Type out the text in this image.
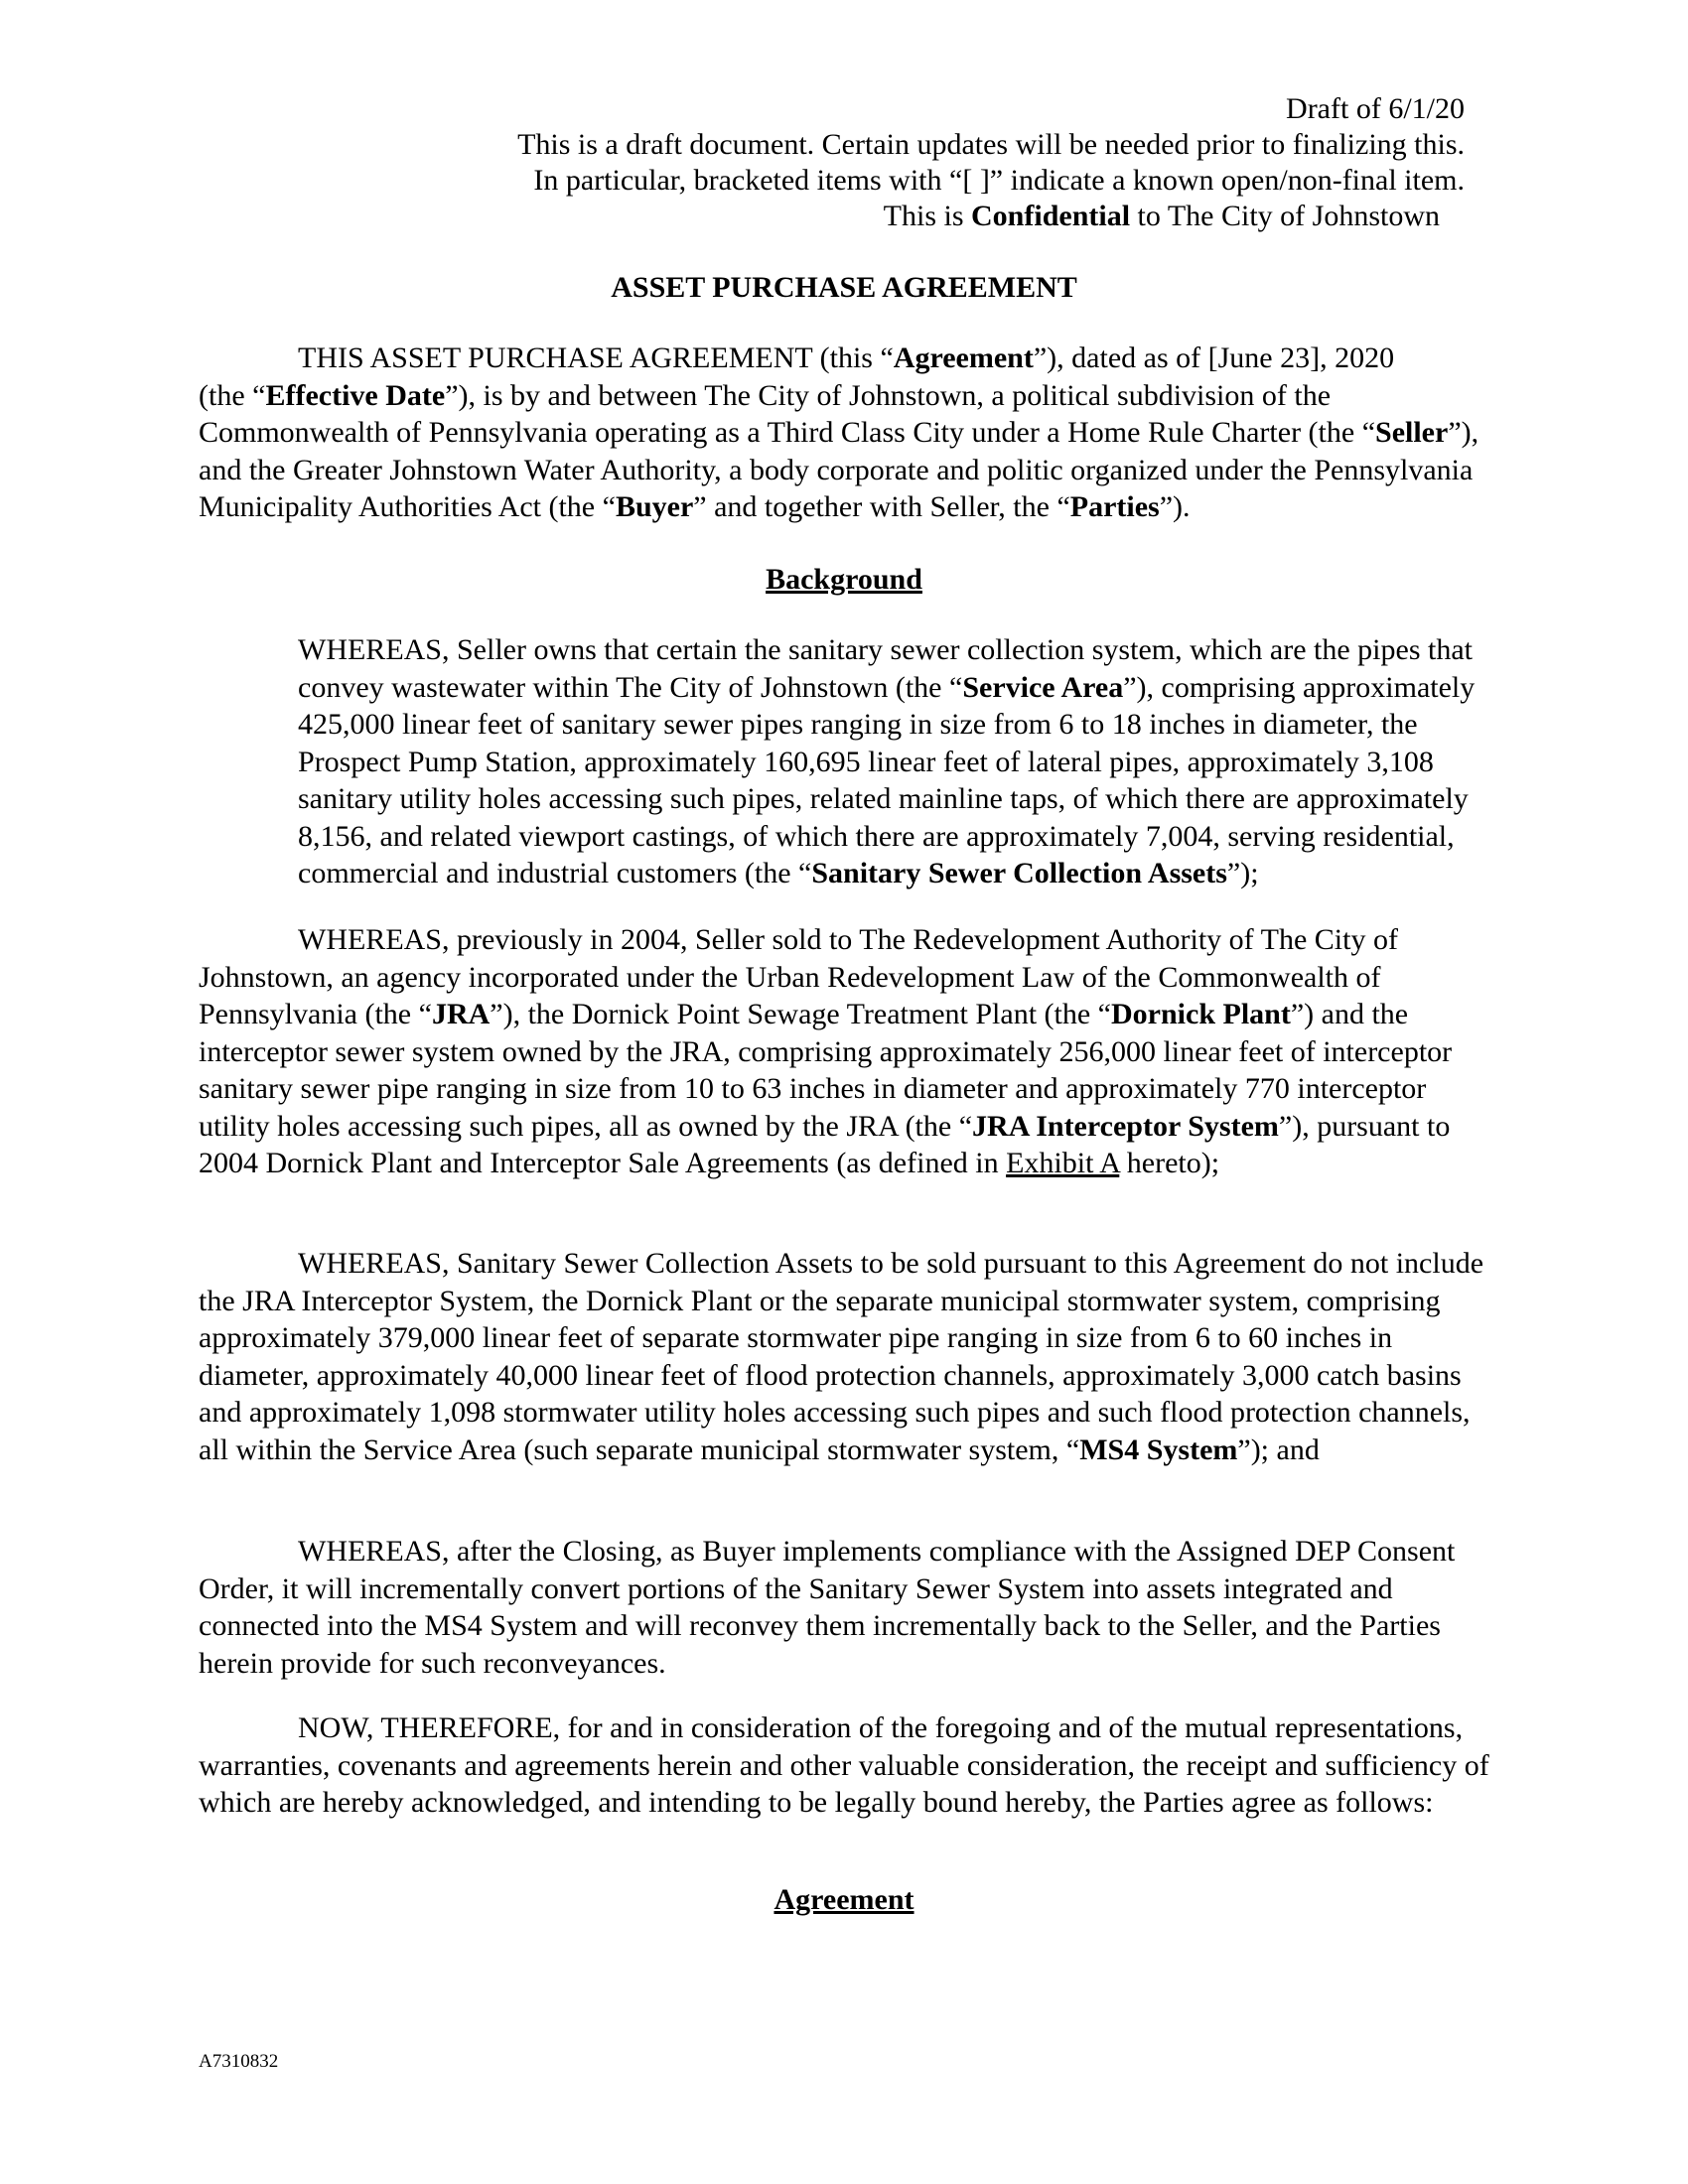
Draft of 6/1/20
This is a draft document. Certain updates will be needed prior to finalizing this.
In particular, bracketed items with “[ ]” indicate a known open/non-final item.
This is Confidential to The City of Johnstown
ASSET PURCHASE AGREEMENT
THIS ASSET PURCHASE AGREEMENT (this “Agreement”), dated as of [June 23], 2020
(the “Effective Date”), is by and between The City of Johnstown, a political subdivision of the Commonwealth of Pennsylvania operating as a Third Class City under a Home Rule Charter (the “Seller”), and the Greater Johnstown Water Authority, a body corporate and politic organized under the Pennsylvania Municipality Authorities Act (the “Buyer” and together with Seller, the “Parties”).
Background
WHEREAS, Seller owns that certain the sanitary sewer collection system, which are the pipes that convey wastewater within The City of Johnstown (the “Service Area”), comprising approximately 425,000 linear feet of sanitary sewer pipes ranging in size from 6 to 18 inches in diameter, the Prospect Pump Station, approximately 160,695 linear feet of lateral pipes, approximately 3,108 sanitary utility holes accessing such pipes, related mainline taps, of which there are approximately 8,156, and related viewport castings, of which there are approximately 7,004, serving residential, commercial and industrial customers (the “Sanitary Sewer Collection Assets”);
WHEREAS, previously in 2004, Seller sold to The Redevelopment Authority of The City of Johnstown, an agency incorporated under the Urban Redevelopment Law of the Commonwealth of Pennsylvania (the “JRA”), the Dornick Point Sewage Treatment Plant (the “Dornick Plant”) and the interceptor sewer system owned by the JRA, comprising approximately 256,000 linear feet of interceptor sanitary sewer pipe ranging in size from 10 to 63 inches in diameter and approximately 770 interceptor utility holes accessing such pipes, all as owned by the JRA (the “JRA Interceptor System”), pursuant to 2004 Dornick Plant and Interceptor Sale Agreements (as defined in Exhibit A hereto);
WHEREAS, Sanitary Sewer Collection Assets to be sold pursuant to this Agreement do not include the JRA Interceptor System, the Dornick Plant or the separate municipal stormwater system, comprising approximately 379,000 linear feet of separate stormwater pipe ranging in size from 6 to 60 inches in diameter, approximately 40,000 linear feet of flood protection channels, approximately 3,000 catch basins and approximately 1,098 stormwater utility holes accessing such pipes and such flood protection channels, all within the Service Area (such separate municipal stormwater system, “MS4 System”); and
WHEREAS, after the Closing, as Buyer implements compliance with the Assigned DEP Consent Order, it will incrementally convert portions of the Sanitary Sewer System into assets integrated and connected into the MS4 System and will reconvey them incrementally back to the Seller, and the Parties herein provide for such reconveyances.
NOW, THEREFORE, for and in consideration of the foregoing and of the mutual representations, warranties, covenants and agreements herein and other valuable consideration, the receipt and sufficiency of which are hereby acknowledged, and intending to be legally bound hereby, the Parties agree as follows:
Agreement
A7310832
